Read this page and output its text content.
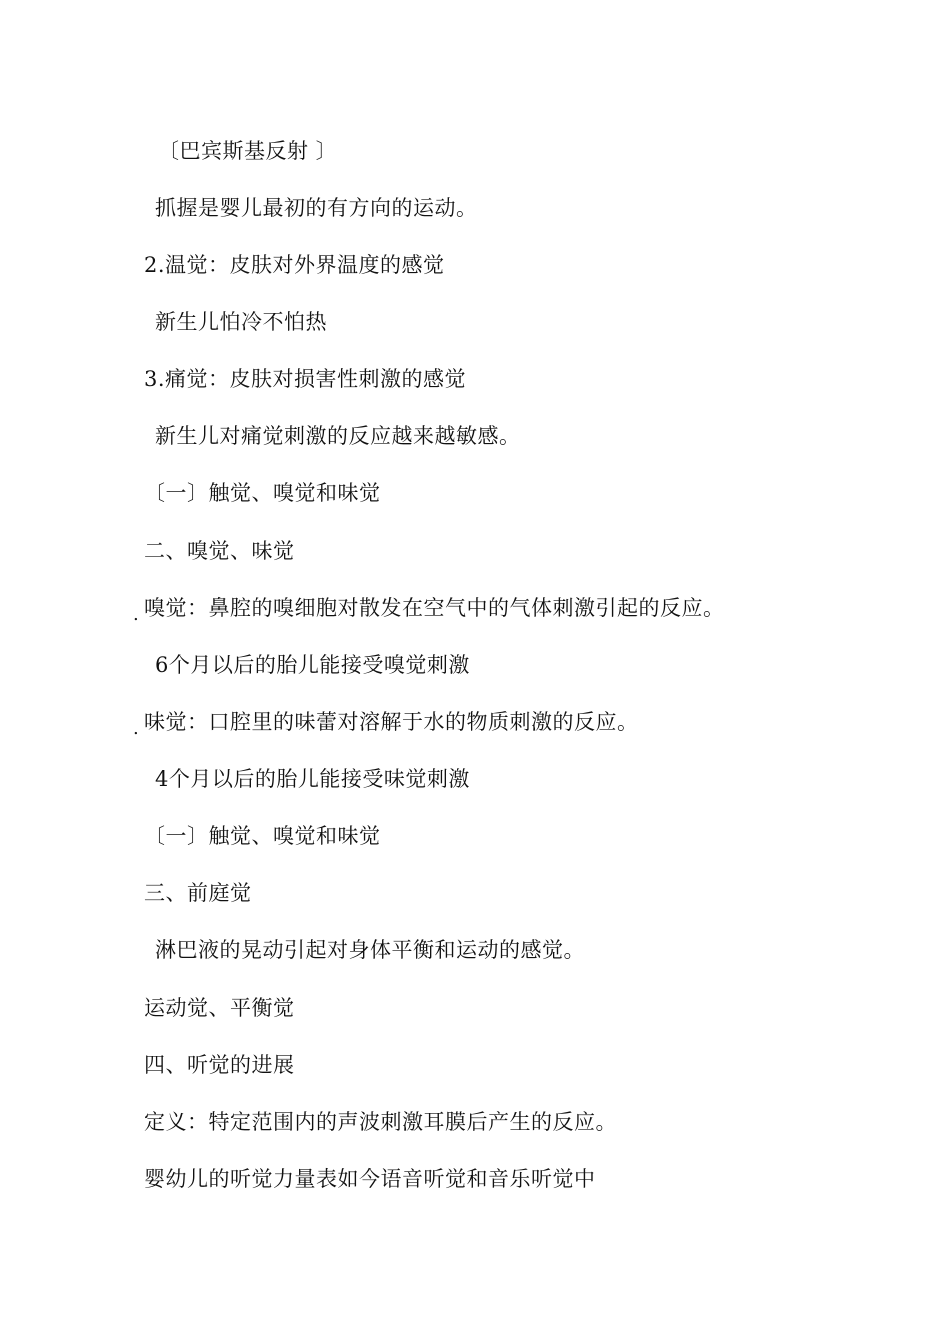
〔巴宾斯基反射 〕
抓握是婴儿最初的有方向的运动。
2.温觉：皮肤对外界温度的感觉
新生儿怕冷不怕热
3.痛觉：皮肤对损害性刺激的感觉
新生儿对痛觉刺激的反应越来越敏感。
〔一〕触觉、嗅觉和味觉
二、嗅觉、味觉
. 嗅觉：鼻腔的嗅细胞对散发在空气中的气体刺激引起的反应。
6个月以后的胎儿能接受嗅觉刺激
. 味觉：口腔里的味蕾对溶解于水的物质刺激的反应。
4个月以后的胎儿能接受味觉刺激
〔一〕触觉、嗅觉和味觉
三、前庭觉
淋巴液的晃动引起对身体平衡和运动的感觉。
运动觉、平衡觉
四、听觉的进展
定义：特定范围内的声波刺激耳膜后产生的反应。
婴幼儿的听觉力量表如今语音听觉和音乐听觉中
